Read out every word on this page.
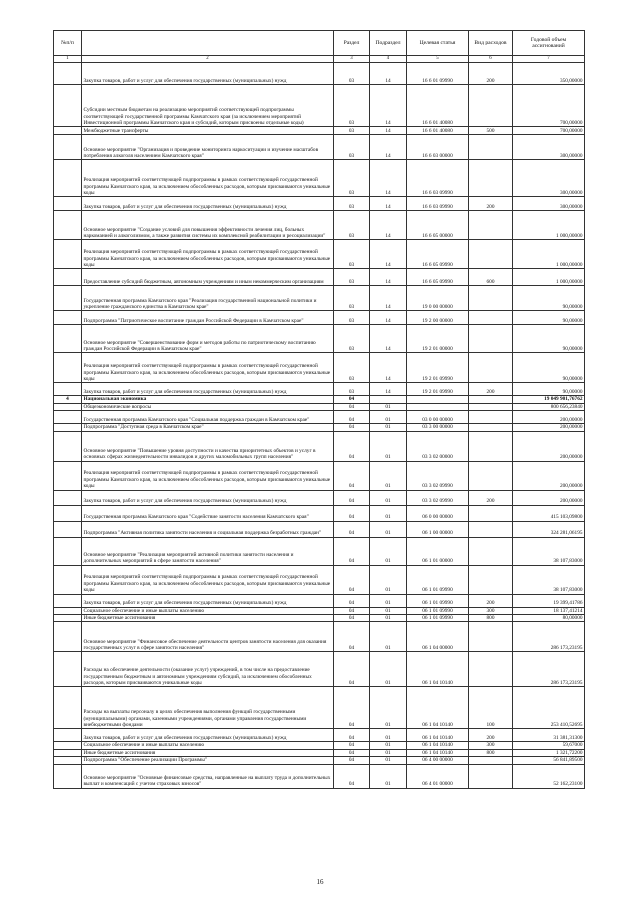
№п/п		Раздел	Подраздел	Целевая статья	Вид расходов	Годовой объем ассигнований
1	2	3	4	5	6	7
	Закупка товаров, работ и услуг для обеспечения государственных (муниципальных) нужд	03	14	16 6 01 09990	200	350,00000
	Субсидии местным бюджетам на реализацию мероприятий соответствующей подпрограммы соответствующей государственной программы Камчатского края (за исключением мероприятий Инвестиционной программы Камчатского края и субсидий, которым присвоены отдельные коды)	03	14	16 6 01 40080		700,00000
	Межбюджетные трансферты	03	14	16 6 01 40080	500	700,00000
	Основное мероприятие "Организация и проведение мониторинга наркоситуации и изучение масштабов потребления алкоголя населением Камчатского края"	03	14	16 6 03 00000		300,00000
	Реализация мероприятий соответствующей подпрограммы в рамках соответствующей государственной программы Камчатского края, за исключением обособленных расходов, которым присваиваются уникальные коды	03	14	16 6 03 09990		300,00000
	Закупка товаров, работ и услуг для обеспечения государственных (муниципальных) нужд	03	14	16 6 03 09990	200	300,00000
	Основное мероприятие "Создание условий для повышения эффективности лечения лиц, больных наркоманией и алкоголизмом, а также развития системы их комплексной реабилитации и ресоциализации"	03	14	16 6 05 00000		1 000,00000
	Реализация мероприятий соответствующей подпрограммы в рамках соответствующей государственной программы Камчатского края, за исключением обособленных расходов, которым присваиваются уникальные коды	03	14	16 6 05 09990		1 000,00000
	Предоставление субсидий бюджетным, автономным учреждениям и иным некоммерческим организациям	03	14	16 6 05 09990	600	1 000,00000
	Государственная программа Камчатского края "Реализация государственной национальной политики и укрепление гражданского единства в Камчатском крае"	03	14	19 0 00 00000		90,00000
	Подпрограмма "Патриотическое воспитание граждан Российской Федерации в Камчатском крае"	03	14	19 2 00 00000		90,00000
	Основное мероприятие "Совершенствование форм и методов работы по патриотическому воспитанию граждан Российской Федерации в Камчатском крае"	03	14	19 2 01 00000		90,00000
	Реализация мероприятий соответствующей подпрограммы в рамках соответствующей государственной программы Камчатского края, за исключением обособленных расходов, которым присваиваются уникальные коды	03	14	19 2 01 09990		90,00000
	Закупка товаров, работ и услуг для обеспечения государственных (муниципальных) нужд	03	14	19 2 01 09990	200	90,00000
4	Национальная экономика	04				19 049 901,76762
	Общеэкономические вопросы	04	01			800 656,23840
	Государственная программа Камчатского края "Социальная поддержка граждан в Камчатском крае"	04	01	03 0 00 00000		200,00000
	Подпрограмма "Доступная среда в Камчатском крае"	04	01	03 3 00 00000		200,00000
	Основное мероприятие "Повышение уровня доступности и качества приоритетных объектов и услуг в основных сферах жизнедеятельности инвалидов и других маломобильных групп населения"	04	01	03 3 02 00000		200,00000
	Реализация мероприятий соответствующей подпрограммы в рамках соответствующей государственной программы Камчатского края, за исключением обособленных расходов, которым присваиваются уникальные коды	04	01	03 3 02 09990		200,00000
	Закупка товаров, работ и услуг для обеспечения государственных (муниципальных) нужд	04	01	03 3 02 09990	200	200,00000
	Государственная программа Камчатского края "Содействие занятости населения Камчатского края"	04	01	06 0 00 00000		415 103,09800
	Подпрограмма "Активная политика занятости населения и социальная поддержка безработных граждан"	04	01	06 1 00 00000		324 281,06195
	Основное мероприятие "Реализация мероприятий активной политики занятости населения и дополнительных мероприятий в сфере занятости населения"	04	01	06 1 01 00000		38 107,83000
	Реализация мероприятий соответствующей подпрограммы в рамках соответствующей государственной программы Камчатского края, за исключением обособленных расходов, которым присваиваются уникальные коды	04	01	06 1 01 09990		38 107,83000
	Закупка товаров, работ и услуг для обеспечения государственных (муниципальных) нужд	04	01	06 1 01 09990	200	19 399,41786
	Социальное обеспечение и иные выплаты населению	04	01	06 1 01 09990	300	18 137,41214
	Иные бюджетные ассигнования	04	01	06 1 01 09990	800	80,00000
	Основное мероприятие "Финансовое обеспечение деятельности центров занятости населения для оказания государственных услуг в сфере занятости населения"	04	01	06 1 04 00000		286 173,23195
	Расходы на обеспечение деятельности (оказание услуг) учреждений, в том числе на предоставление государственным бюджетным и автономным учреждениям субсидий, за исключением обособленных расходов, которым присваиваются уникальные коды	04	01	06 1 04 10140		286 173,23195
	Расходы на выплаты персоналу в целях обеспечения выполнения функций государственными (муниципальными) органами, казенными учреждениями, органами управления государственными внебюджетными фондами	04	01	06 1 04 10140	100	253 410,52695
	Закупка товаров, работ и услуг для обеспечения государственных (муниципальных) нужд	04	01	06 1 04 10140	200	31 381,31300
	Социальное обеспечение и иные выплаты населению	04	01	06 1 04 10140	300	59,67000
	Иные бюджетные ассигнования	04	01	06 1 04 10140	800	1 321,72200
	Подпрограмма "Обеспечение реализации Программы"	04	01	06 4 00 00000		56 841,89500
	Основное мероприятие "Основные финансовые средства, направленные на выплату труда и дополнительных выплат и компенсаций с учетом страховых взносов"	04	01	06 4 01 00000		52 162,23100
16
